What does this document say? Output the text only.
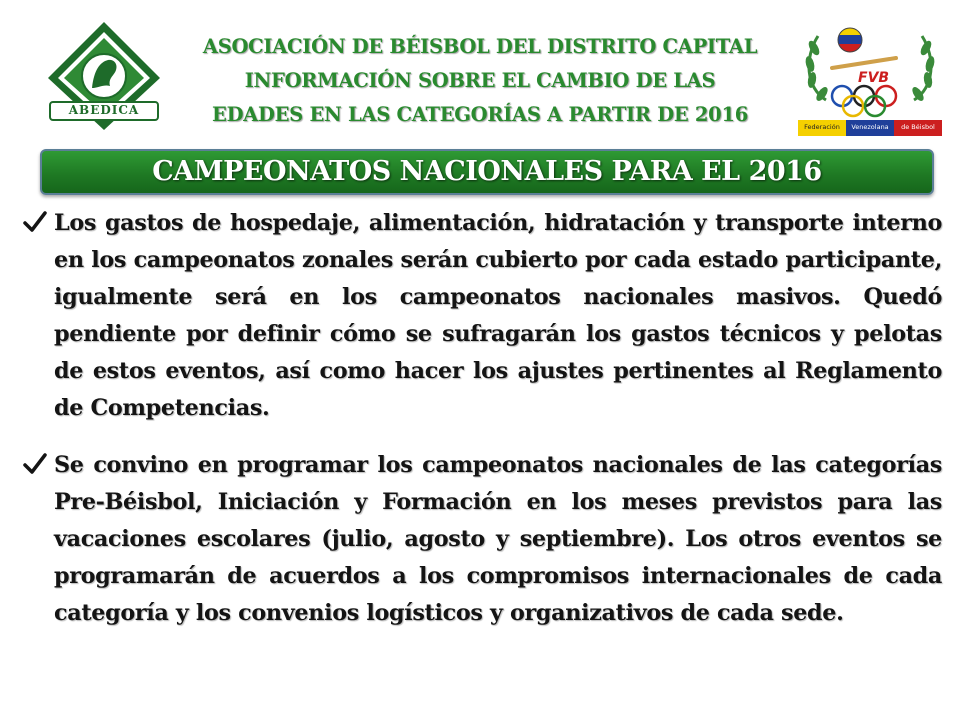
ABEDICA
ASOCIACIÓN DE BÉISBOL DEL DISTRITO CAPITAL
INFORMACIÓN SOBRE EL CAMBIO DE LAS
EDADES EN LAS CATEGORÍAS A PARTIR DE 2016
FVB
Federación	Venezolana	de Béisbol
CAMPEONATOS NACIONALES PARA EL 2016

Los gastos de hospedaje, alimentación, hidratación y transporte interno en los campeonatos zonales serán cubierto por cada estado participante, igualmente será en los campeonatos nacionales masivos. Quedó pendiente por definir cómo se sufragarán los gastos técnicos y pelotas de estos eventos, así como hacer los ajustes pertinentes al Reglamento de Competencias.

Se convino en programar los campeonatos nacionales de las categorías Pre-Béisbol, Iniciación y Formación en los meses previstos para las vacaciones escolares (julio, agosto y septiembre). Los otros eventos se programarán de acuerdos a los compromisos internacionales de cada categoría y los convenios logísticos y organizativos de cada sede.
